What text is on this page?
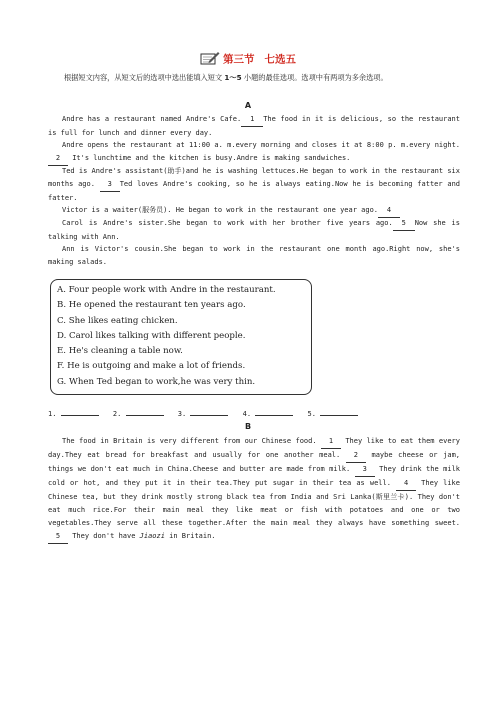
第三节 七选五
根据短文内容，从短文后的选项中选出能填入短文 1～5 小题的最佳选项。选项中有两项为多余选项。
A
Andre has a restaurant named Andre's Cafe. 1 The food in it is delicious, so the restaurant is full for lunch and dinner every day.
Andre opens the restaurant at 11:00 a. m.every morning and closes it at 8:00 p. m.every night. 2 It's lunchtime and the kitchen is busy.Andre is making sandwiches.
Ted is Andre's assistant(助手)and he is washing lettuces.He began to work in the restaurant six months ago. 3 Ted loves Andre's cooking, so he is always eating.Now he is becoming fatter and fatter.
Victor is a waiter(服务员). He began to work in the restaurant one year ago. 4
Carol is Andre's sister.She began to work with her brother five years ago. 5 Now she is talking with Ann.
Ann is Victor's cousin.She began to work in the restaurant one month ago.Right now, she's making salads.
A. Four people work with Andre in the restaurant.
B. He opened the restaurant ten years ago.
C. She likes eating chicken.
D. Carol likes talking with different people.
E. He's cleaning a table now.
F. He is outgoing and make a lot of friends.
G. When Ted began to work,he was very thin.
1.	2.	3.	4.	5.
B
The food in Britain is very different from our Chinese food. 1 They like to eat them every day.They eat bread for breakfast and usually for one another meal. 2 maybe cheese or jam, things we don't eat much in China.Cheese and butter are made from milk. 3 They drink the milk cold or hot, and they put it in their tea.They put sugar in their tea as well. 4 They like Chinese tea, but they drink mostly strong black tea from India and Sri Lanka(斯里兰卡). They don't eat much rice.For their main meal they like meat or fish with potatoes and one or two vegetables.They serve all these together.After the main meal they always have something sweet. 5 They don't have Jiaozi in Britain.
